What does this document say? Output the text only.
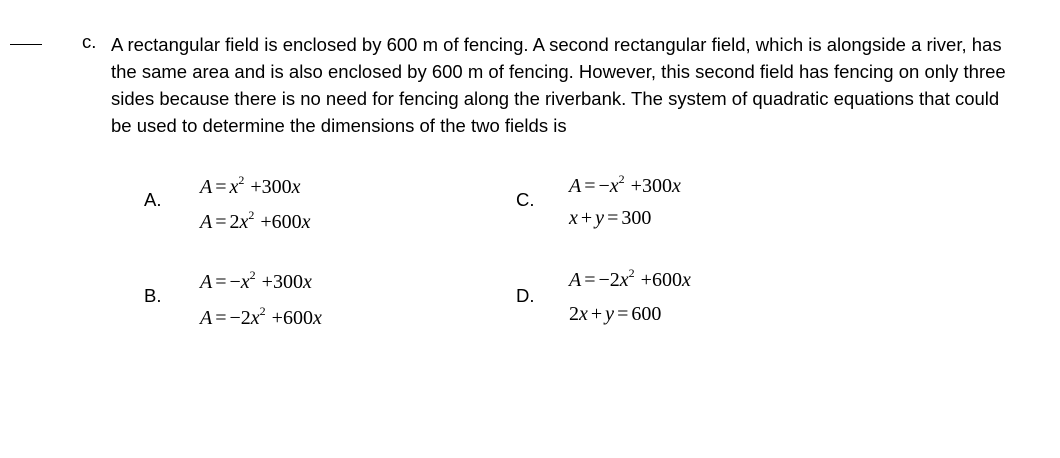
c. A rectangular field is enclosed by 600 m of fencing. A second rectangular field, which is alongside a river, has the same area and is also enclosed by 600 m of fencing. However, this second field has fencing on only three sides because there is no need for fencing along the riverbank. The system of quadratic equations that could be used to determine the dimensions of the two fields is
A.
$A = x^2 +300x$
$A = 2x^2 +600x$
B.
$A = -x^2 +300x$
$A = -2x^2 +600x$
C.
$A = -x^2 +300x$
x + y = 300
D.
$A = -2x^2 +600x$
2x + y = 600
